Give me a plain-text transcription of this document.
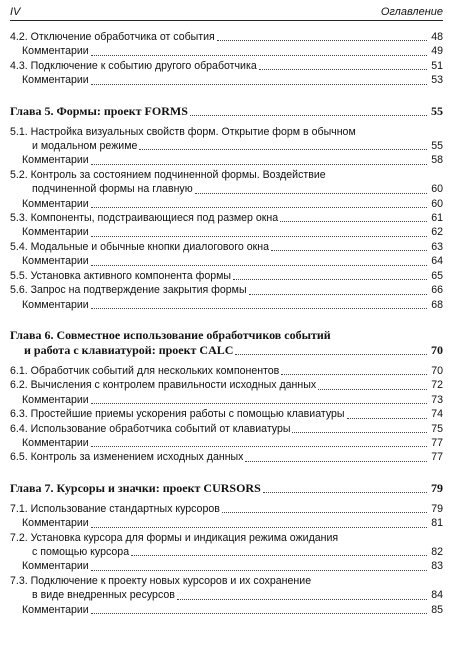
IV	Оглавление
4.2. Отключение обработчика от события	48
Комментарии	49
4.3. Подключение к событию другого обработчика	51
Комментарии	53
Глава 5. Формы: проект FORMS	55
5.1. Настройка визуальных свойств форм. Открытие форм в обычном
и модальном режиме	55
Комментарии	58
5.2. Контроль за состоянием подчиненной формы. Воздействие
подчиненной формы на главную	60
Комментарии	60
5.3. Компоненты, подстраивающиеся под размер окна	61
Комментарии	62
5.4. Модальные и обычные кнопки диалогового окна	63
Комментарии	64
5.5. Установка активного компонента формы	65
5.6. Запрос на подтверждение закрытия формы	66
Комментарии	68
Глава 6. Совместное использование обработчиков событий
и работа с клавиатурой: проект CALC	70
6.1. Обработчик событий для нескольких компонентов	70
6.2. Вычисления с контролем правильности исходных данных	72
Комментарии	73
6.3. Простейшие приемы ускорения работы с помощью клавиатуры	74
6.4. Использование обработчика событий от клавиатуры	75
Комментарии	77
6.5. Контроль за изменением исходных данных	77
Глава 7. Курсоры и значки: проект CURSORS	79
7.1. Использование стандартных курсоров	79
Комментарии	81
7.2. Установка курсора для формы и индикация режима ожидания
с помощью курсора	82
Комментарии	83
7.3. Подключение к проекту новых курсоров и их сохранение
в виде внедренных ресурсов	84
Комментарии	85
